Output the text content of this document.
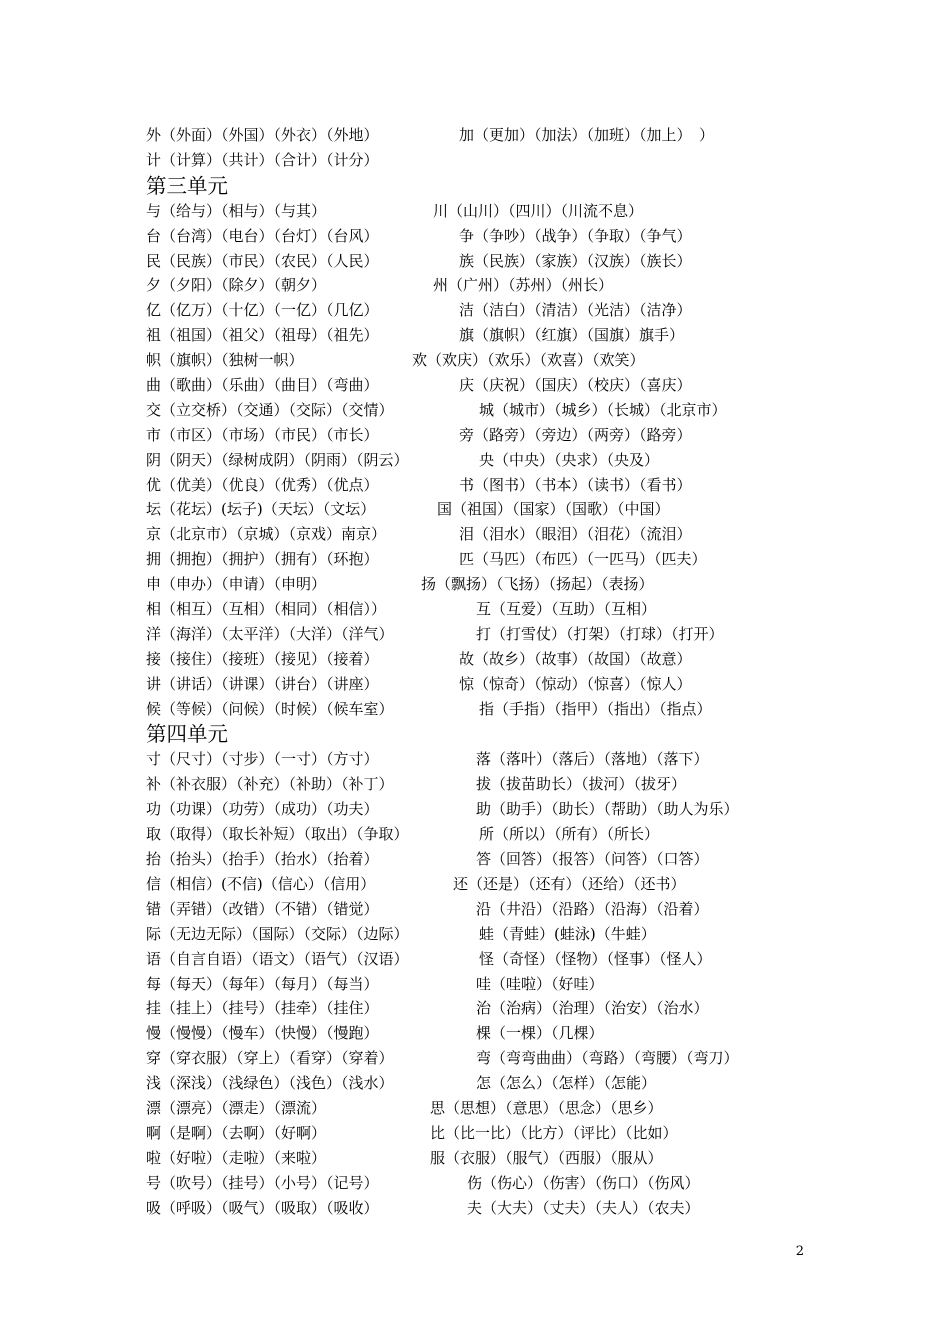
外（外面）（外国）（外衣）（外地）	加（更加）（加法）（加班）（加上）　）
计（计算）（共计）（合计）（计分）
第三单元
与（给与）（相与）（与其）	川（山川）（四川）（川流不息）
台（台湾）（电台）（台灯）（台风）	争（争吵）（战争）（争取）（争气）
民（民族）（市民）（农民）（人民）	族（民族）（家族）（汉族）（族长）
夕（夕阳）（除夕）（朝夕）	州（广州）（苏州）（州长）
亿（亿万）（十亿）（一亿）（几亿）	洁（洁白）（清洁）（光洁）（洁净）
祖（祖国）（祖父）（祖母）（祖先）	旗（旗帜）（红旗）（国旗）旗手）
帜（旗帜）（独树一帜）	欢（欢庆）（欢乐）（欢喜）（欢笑）
曲（歌曲）（乐曲）（曲目）（弯曲）	庆（庆祝）（国庆）（校庆）（喜庆）
交（立交桥）（交通）（交际）（交情）	城（城市）（城乡）（长城）（北京市）
市（市区）（市场）（市民）（市长）	旁（路旁）（旁边）（两旁）（路旁）
阴（阴天）（绿树成阴）（阴雨）（阴云）	央（中央）（央求）（央及）
优（优美）（优良）（优秀）（优点）	书（图书）（书本）（读书）（看书）
坛（花坛）(坛子)（天坛）（文坛）	国（祖国）（国家）（国歌）（中国）
京（北京市）（京城）（京戏）南京）	泪（泪水）（眼泪）（泪花）（流泪）
拥（拥抱）（拥护）（拥有）（环抱）	匹（马匹）（布匹）（一匹马）（匹夫）
申（申办）（申请）（申明）	扬（飘扬）（飞扬）（扬起）（表扬）
相（相互）（互相）（相同）（相信））	互（互爱）（互助）（互相）
洋（海洋）（太平洋）（大洋）（洋气）	打（打雪仗）（打架）（打球）（打开）
接（接住）（接班）（接见）（接着）	故（故乡）（故事）（故国）（故意）
讲（讲话）（讲课）（讲台）（讲座）	惊（惊奇）（惊动）（惊喜）（惊人）
候（等候）（问候）（时候）（候车室）	指（手指）（指甲）（指出）（指点）
第四单元
寸（尺寸）（寸步）（一寸）（方寸）	落（落叶）（落后）（落地）（落下）
补（补衣服）（补充）（补助）（补丁）	拔（拔苗助长）（拔河）（拔牙）
功（功课）（功劳）（成功）（功夫）	助（助手）（助长）（帮助）（助人为乐）
取（取得）（取长补短）（取出）（争取）	所（所以）（所有）（所长）
抬（抬头）（抬手）（抬水）（抬着）	答（回答）（报答）（问答）（口答）
信（相信）(不信)（信心）（信用）	还（还是）（还有）（还给）（还书）
错（弄错）（改错）（不错）（错觉）	沿（井沿）（沿路）（沿海）（沿着）
际（无边无际）（国际）（交际）（边际）	蛙（青蛙）(蛙泳)（牛蛙）
语（自言自语）（语文）（语气）（汉语）	怪（奇怪）（怪物）（怪事）（怪人）
每（每天）（每年）（每月）（每当）	哇（哇啦）（好哇）
挂（挂上）（挂号）（挂牵）（挂住）	治（治病）（治理）（治安）（治水）
慢（慢慢）（慢车）（快慢）（慢跑）	棵（一棵）（几棵）
穿（穿衣服）（穿上）（看穿）（穿着）	弯（弯弯曲曲）（弯路）（弯腰）（弯刀）
浅（深浅）（浅绿色）（浅色）（浅水）	怎（怎么）（怎样）（怎能）
漂（漂亮）（漂走）（漂流）	思（思想）（意思）（思念）（思乡）
啊（是啊）（去啊）（好啊）	比（比一比）（比方）（评比）（比如）
啦（好啦）（走啦）（来啦）	服（衣服）（服气）（西服）（服从）
号（吹号）（挂号）（小号）（记号）	伤（伤心）（伤害）（伤口）（伤风）
吸（呼吸）（吸气）（吸取）（吸收）	夫（大夫）（丈夫）（夫人）（农夫）
2
